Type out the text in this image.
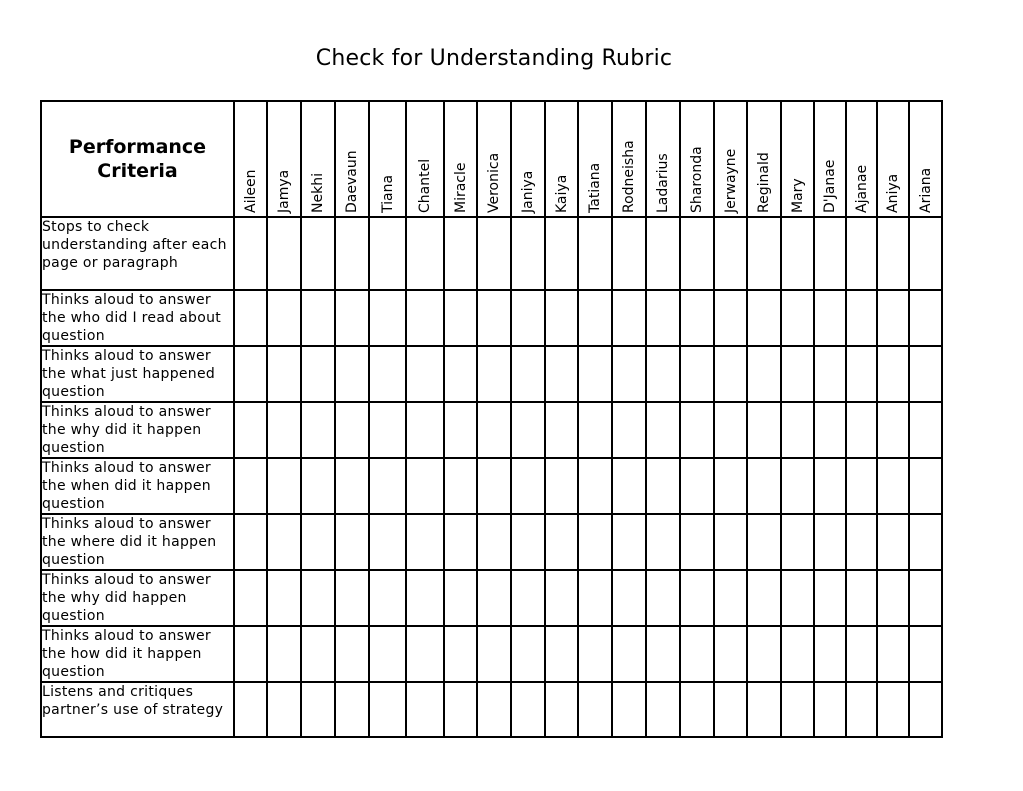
Check for Understanding Rubric
Performance
Criteria	Aileen	Jamya	Nekhi	Daevaun	Tiana	Chantel	Miracle	Veronica	Janiya	Kaiya	Tatiana	Rodneisha	Ladarius	Sharonda	Jerwayne	Reginald	Mary	D'Janae	Ajanae	Aniya	Ariana

Stops to check understanding after each page or paragraph																					
Thinks aloud to answer the who did I read about question																					
Thinks aloud to answer the what just happened question																					
Thinks aloud to answer the why did it happen question																					
Thinks aloud to answer the when did it happen question																					
Thinks aloud to answer the where did it happen question																					
Thinks aloud to answer the why did happen question																					
Thinks aloud to answer the how did it happen question																					
Listens and critiques partner’s use of strategy																					
